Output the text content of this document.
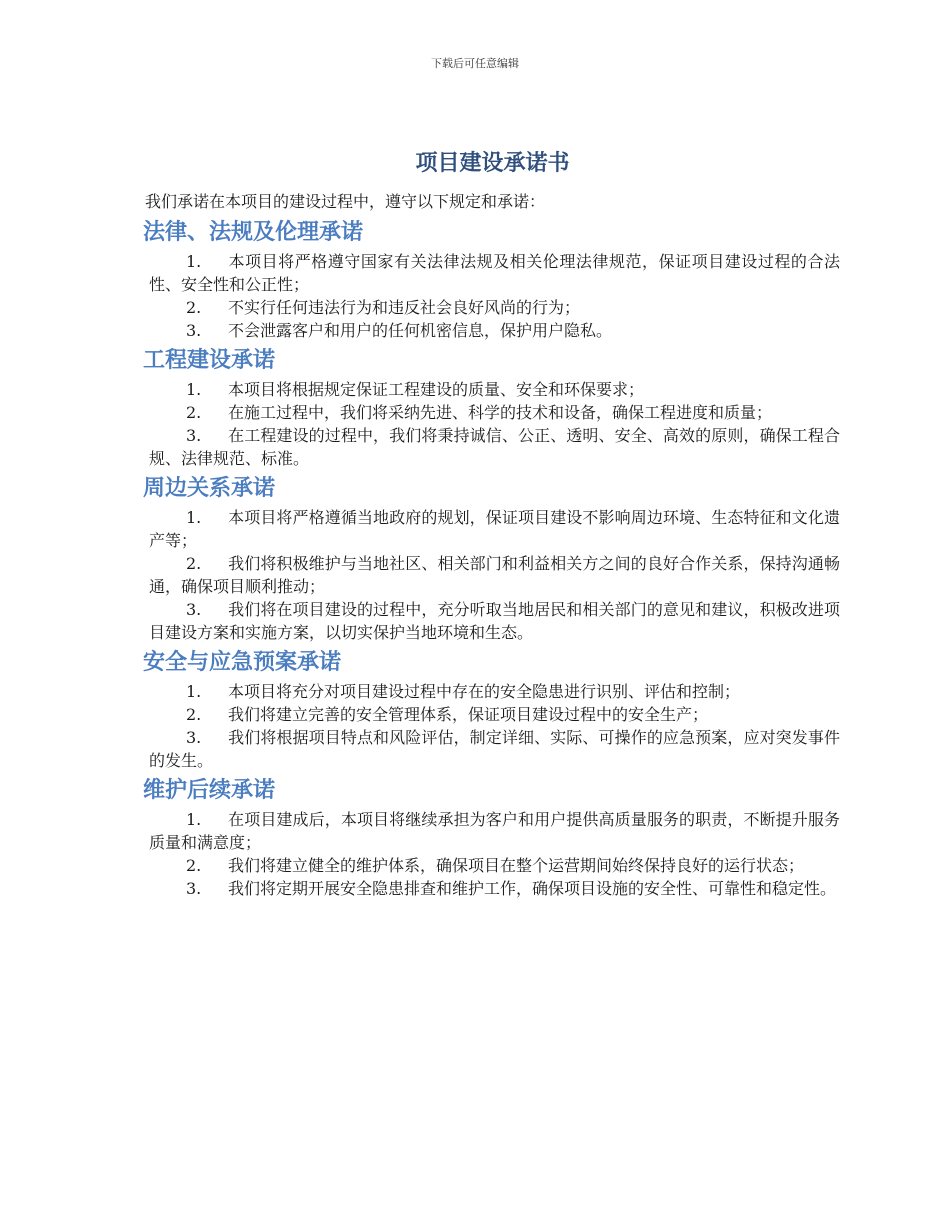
下载后可任意编辑
项目建设承诺书

我们承诺在本项目的建设过程中，遵守以下规定和承诺：

法律、法规及伦理承诺
1. 本项目将严格遵守国家有关法律法规及相关伦理法律规范，保证项目建设过程的合法性、安全性和公正性；
2. 不实行任何违法行为和违反社会良好风尚的行为；
3. 不会泄露客户和用户的任何机密信息，保护用户隐私。
工程建设承诺
1. 本项目将根据规定保证工程建设的质量、安全和环保要求；
2. 在施工过程中，我们将采纳先进、科学的技术和设备，确保工程进度和质量；
3. 在工程建设的过程中，我们将秉持诚信、公正、透明、安全、高效的原则，确保工程合规、法律规范、标准。
周边关系承诺
1. 本项目将严格遵循当地政府的规划，保证项目建设不影响周边环境、生态特征和文化遗产等；
2. 我们将积极维护与当地社区、相关部门和利益相关方之间的良好合作关系，保持沟通畅通，确保项目顺利推动；
3. 我们将在项目建设的过程中，充分听取当地居民和相关部门的意见和建议，积极改进项目建设方案和实施方案，以切实保护当地环境和生态。
安全与应急预案承诺
1. 本项目将充分对项目建设过程中存在的安全隐患进行识别、评估和控制；
2. 我们将建立完善的安全管理体系，保证项目建设过程中的安全生产；
3. 我们将根据项目特点和风险评估，制定详细、实际、可操作的应急预案，应对突发事件的发生。
维护后续承诺
1. 在项目建成后，本项目将继续承担为客户和用户提供高质量服务的职责，不断提升服务质量和满意度；
2. 我们将建立健全的维护体系，确保项目在整个运营期间始终保持良好的运行状态；
3. 我们将定期开展安全隐患排查和维护工作，确保项目设施的安全性、可靠性和稳定性。
